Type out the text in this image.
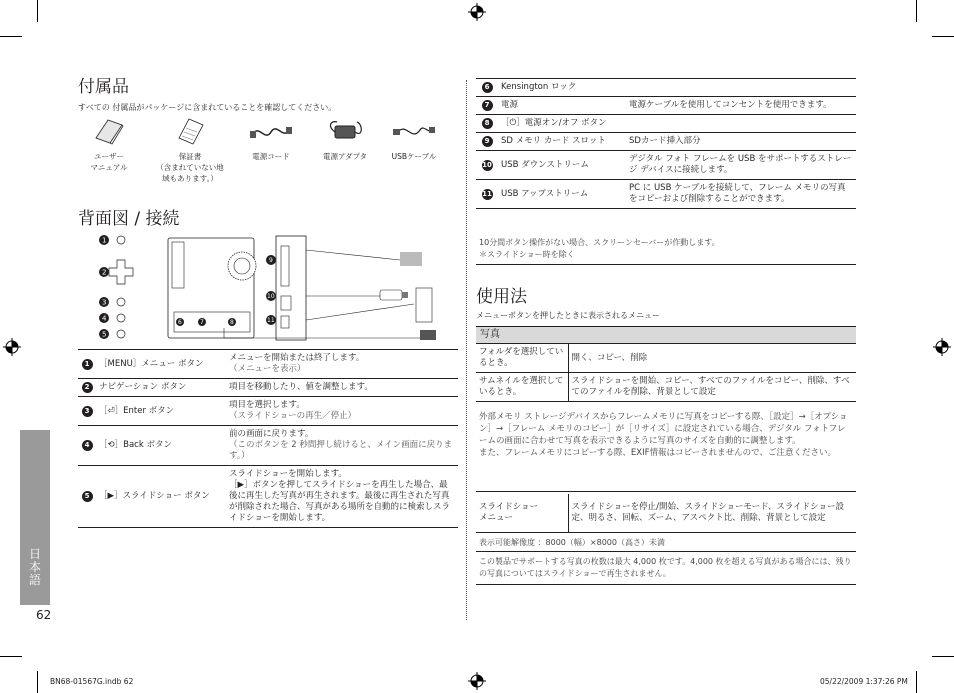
付属品
すべての 付属品がパッケージに含まれていることを確認してください。
ユーザー
マニュアル
保証書
（含まれていない地
域もあります。）
電源コード	電源アダプタ	USBケーブル
背面図 / 接続
1
2
3
4
5
6	7	8
9
10
11
1	［MENU］メニュー ボタン	メニューを開始または終了します。
（メニューを表示）

2	ナビゲーション ボタン	項目を移動したり、値を調整します。

3	［⏎］Enter ボタン	項目を選択します。
（スライドショーの再生／停止）

4	［⟲］Back ボタン	前の画面に戻ります。
（このボタンを 2 秒間押し続けると、メイン画面に戻ります。）

5	［▶］スライドショー ボタン	スライドショーを開始します。
［▶］ボタンを押してスライドショーを再生した場合、最後に再生した写真が再生されます。最後に再生された写真が削除された場合、写真がある場所を自動的に検索しスライドショーを開始します。
6	Kensington ロック	
7	電源	電源ケーブルを使用してコンセントを使用できます。
8	［⏻］電源オン/オフ ボタン	
9	SD メモリ カード スロット	SDカード挿入部分
10	USB ダウンストリーム	デジタル フォト フレームを USB をサポートするストレージ デバイスに接続します。
11	USB アップストリーム	PC に USB ケーブルを接続して、フレーム メモリの写真をコピーおよび削除することができます。
10分間ボタン操作がない場合、スクリーンセーバーが作動します。
＊スライドショー時を除く
使用法
メニューボタンを押したときに表示されるメニュー
写真
フォルダを選択しているとき。	開く、コピー、削除
サムネイルを選択しているとき。	スライドショーを開始、コピー、すべてのファイルをコピー、削除、すべてのファイルを削除、背景として設定
外部メモリ ストレージデバイスからフレームメモリに写真をコピーする際、［設定］→［オプション］→［フレーム メモリのコピー］が［リサイズ］に設定されている場合、デジタル フォトフレームの画面に合わせて写真を表示できるように写真のサイズを自動的に調整します。
また、フレームメモリにコピーする際、EXIF情報はコピーされませんので、ご注意ください。
スライドショー
メニュー	スライドショーを停止/開始、スライドショーモード、スライドショー設定、明るさ、回転、ズーム、アスペクト比、削除、背景として設定
表示可能解像度 ：8000（幅）×8000（高さ）未満
この製品でサポートする写真の枚数は最大 4,000 枚です。4,000 枚を超える写真がある場合には、残りの写真についてはスライドショーで再生されません。
日本語
62
BN68-01567G.indb 62	05/22/2009 1:37:26 PM
